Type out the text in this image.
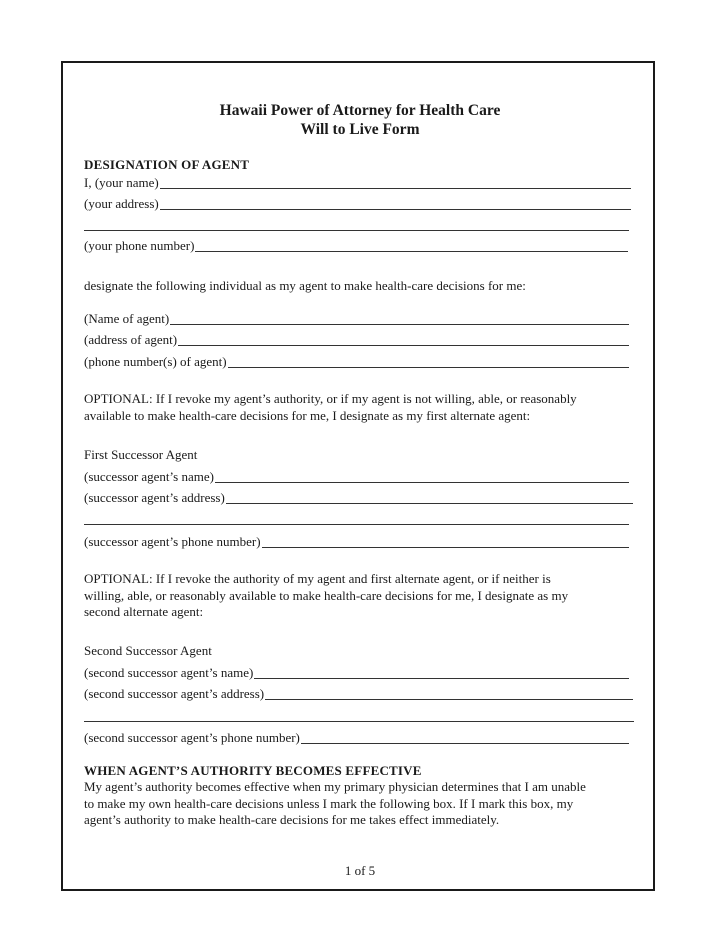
Hawaii Power of Attorney for Health Care
Will to Live Form
DESIGNATION OF AGENT
I, (your name)
(your address)
(your phone number)
designate the following individual as my agent to make health-care decisions for me:
(Name of agent)
(address of agent)
(phone number(s) of agent)
OPTIONAL: If I revoke my agent’s authority, or if my agent is not willing, able, or reasonably
available to make health-care decisions for me, I designate as my first alternate agent:
First Successor Agent
(successor agent’s name)
(successor agent’s address)
(successor agent’s phone number)
OPTIONAL: If I revoke the authority of my agent and first alternate agent, or if neither is
willing, able, or reasonably available to make health-care decisions for me, I designate as my
second alternate agent:
Second Successor Agent
(second successor agent’s name)
(second successor agent’s address)
(second successor agent’s phone number)
WHEN AGENT’S AUTHORITY BECOMES EFFECTIVE
My agent’s authority becomes effective when my primary physician determines that I am unable
to make my own health-care decisions unless I mark the following box. If I mark this box, my
agent’s authority to make health-care decisions for me takes effect immediately.
1 of 5
